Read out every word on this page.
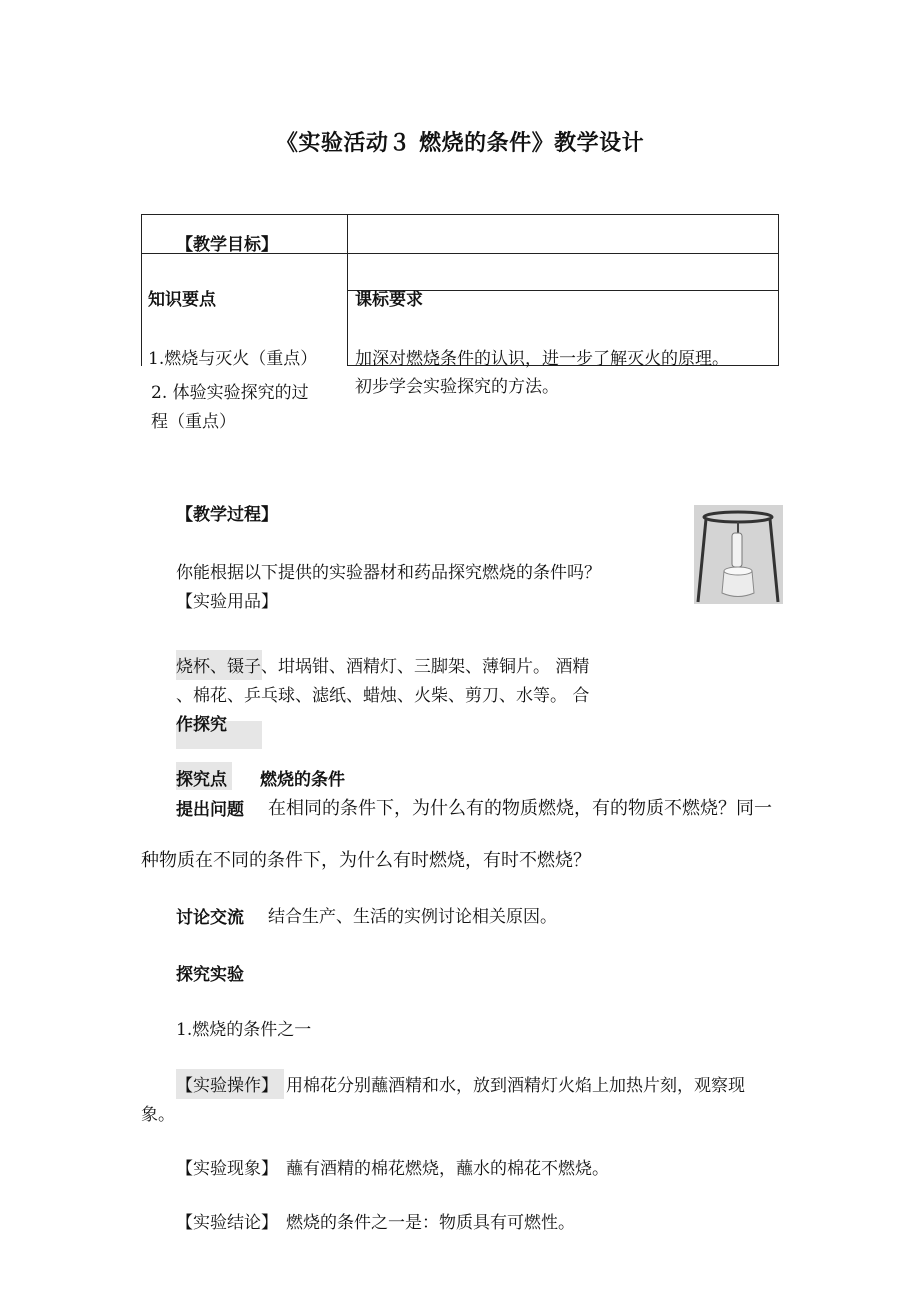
《实验活动３ 燃烧的条件》教学设计
【教学目标】
知识要点	课标要求
1.燃烧与灭火（重点）
2. 体验实验探究的过
程（重点）
加深对燃烧条件的认识，进一步了解灭火的原理。
初步学会实验探究的方法。
【教学过程】
你能根据以下提供的实验器材和药品探究燃烧的条件吗？
【实验用品】
烧杯、镊子、坩埚钳、酒精灯、三脚架、薄铜片。 酒精
、棉花、乒乓球、滤纸、蜡烛、火柴、剪刀、水等。 合
作探究
探究点 燃烧的条件
提出问题 在相同的条件下，为什么有的物质燃烧，有的物质不燃烧？同一
种物质在不同的条件下，为什么有时燃烧，有时不燃烧？
讨论交流 结合生产、生活的实例讨论相关原因。
探究实验
1.燃烧的条件之一
【实验操作】 用棉花分别蘸酒精和水，放到酒精灯火焰上加热片刻，观察现
象。
【实验现象】 蘸有酒精的棉花燃烧，蘸水的棉花不燃烧。
【实验结论】 燃烧的条件之一是：物质具有可燃性。
